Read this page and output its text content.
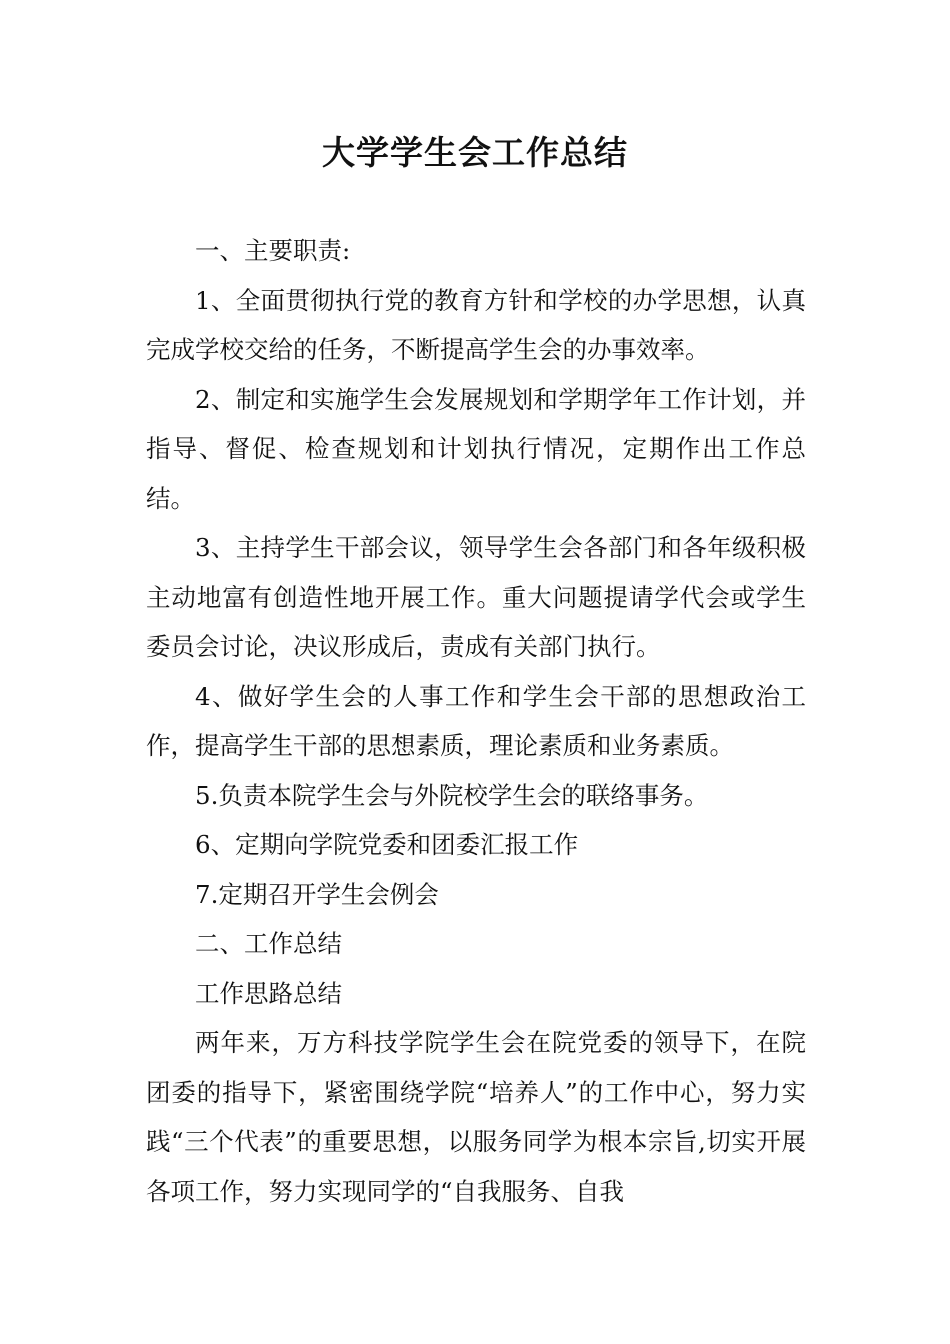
大学学生会工作总结

一、主要职责:

1、全面贯彻执行党的教育方针和学校的办学思想，认真完成学校交给的任务，不断提高学生会的办事效率。

2、制定和实施学生会发展规划和学期学年工作计划，并指导、督促、检查规划和计划执行情况，定期作出工作总结。

3、主持学生干部会议，领导学生会各部门和各年级积极主动地富有创造性地开展工作。重大问题提请学代会或学生委员会讨论，决议形成后，责成有关部门执行。

4、做好学生会的人事工作和学生会干部的思想政治工作，提高学生干部的思想素质，理论素质和业务素质。

5.负责本院学生会与外院校学生会的联络事务。

6、定期向学院党委和团委汇报工作

7.定期召开学生会例会

二、工作总结

工作思路总结

两年来，万方科技学院学生会在院党委的领导下，在院团委的指导下，紧密围绕学院“培养人”的工作中心，努力实践“三个代表”的重要思想，以服务同学为根本宗旨,切实开展各项工作，努力实现同学的“自我服务、自我
